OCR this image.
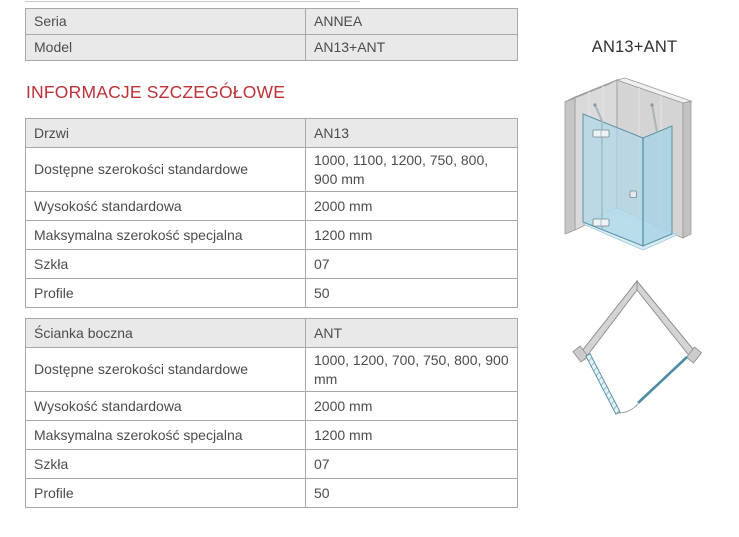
Seria	ANNEA
Model	AN13+ANT
INFORMACJE SZCZEGÓŁOWE
Drzwi	AN13
Dostępne szerokości standardowe	1000, 1100, 1200, 750, 800, 900 mm
Wysokość standardowa	2000 mm
Maksymalna szerokość specjalna	1200 mm
Szkła	07
Profile	50
Ścianka boczna	ANT
Dostępne szerokości standardowe	1000, 1200, 700, 750, 800, 900 mm
Wysokość standardowa	2000 mm
Maksymalna szerokość specjalna	1200 mm
Szkła	07
Profile	50
AN13+ANT
